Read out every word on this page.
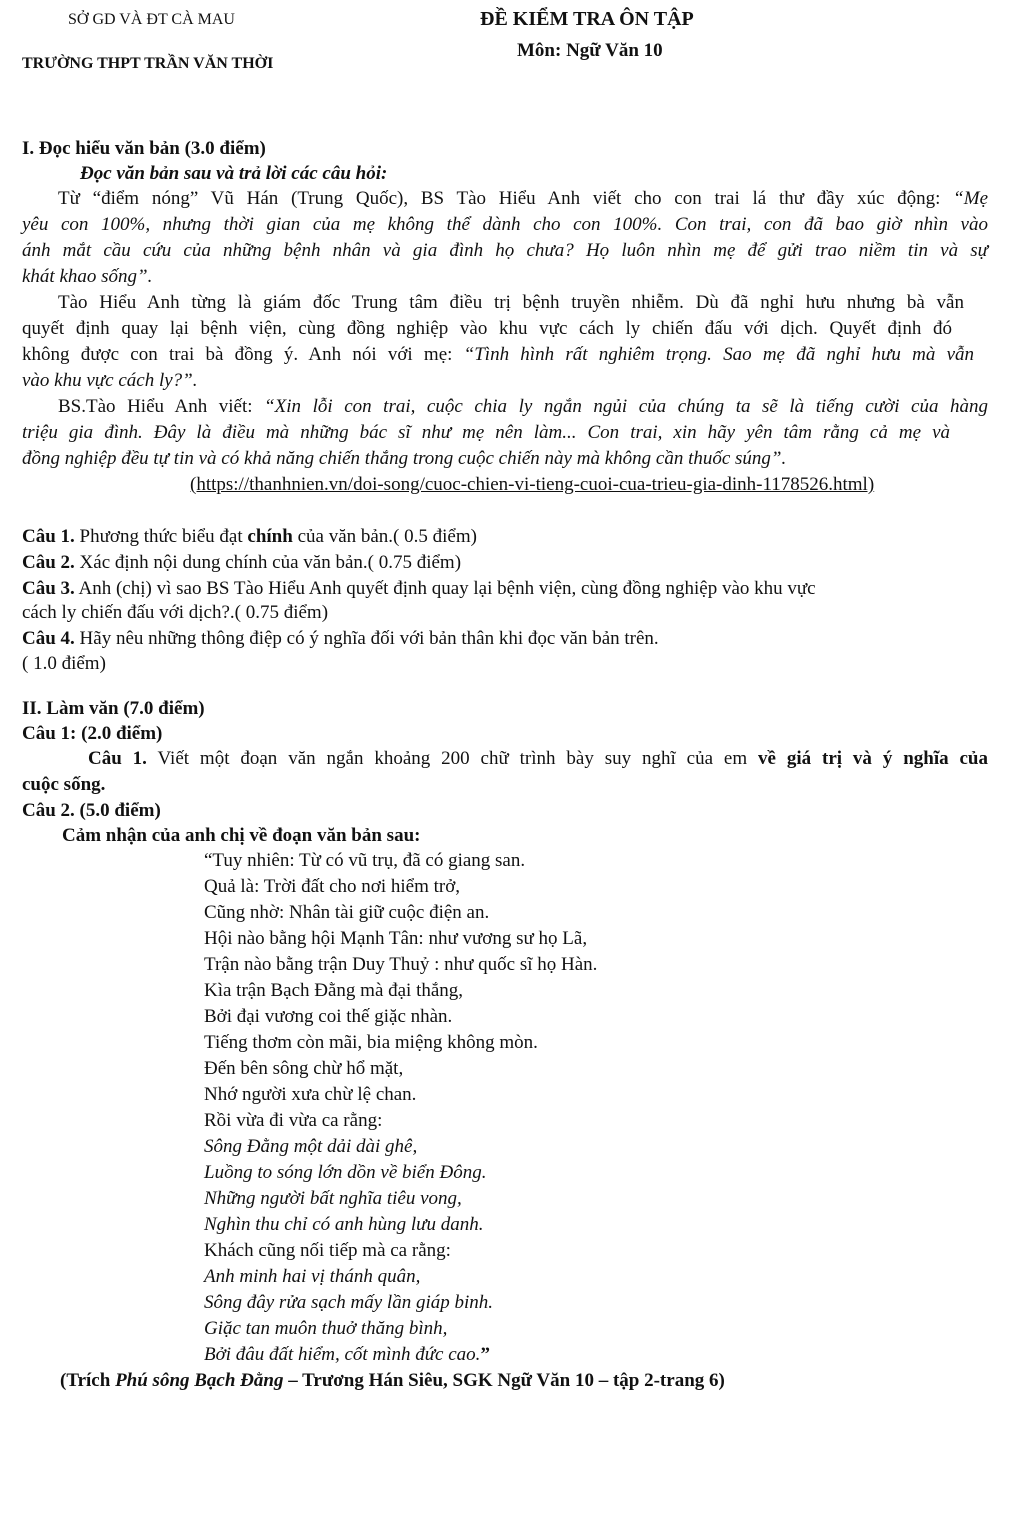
SỞ GD VÀ ĐT CÀ MAU
TRƯỜNG THPT TRẦN VĂN THỜI
ĐỀ KIỂM TRA ÔN TẬP
Môn: Ngữ Văn 10
I. Đọc hiểu văn bản (3.0 điểm)
Đọc văn bản sau và trả lời các câu hỏi:
Từ “điểm nóng” Vũ Hán (Trung Quốc), BS Tào Hiểu Anh viết cho con trai lá thư đầy xúc động: “Mẹ
yêu con 100%, nhưng thời gian của mẹ không thể dành cho con 100%. Con trai, con đã bao giờ nhìn vào
ánh mắt cầu cứu của những bệnh nhân và gia đình họ chưa? Họ luôn nhìn mẹ để gửi trao niềm tin và sự
khát khao sống”.
Tào Hiểu Anh từng là giám đốc Trung tâm điều trị bệnh truyền nhiễm. Dù đã nghỉ hưu nhưng bà vẫn
quyết định quay lại bệnh viện, cùng đồng nghiệp vào khu vực cách ly chiến đấu với dịch. Quyết định đó
không được con trai bà đồng ý. Anh nói với mẹ: “Tình hình rất nghiêm trọng. Sao mẹ đã nghỉ hưu mà vẫn
vào khu vực cách ly?”.
BS.Tào Hiểu Anh viết: “Xin lỗi con trai, cuộc chia ly ngắn ngủi của chúng ta sẽ là tiếng cười của hàng
triệu gia đình. Đây là điều mà những bác sĩ như mẹ nên làm... Con trai, xin hãy yên tâm rằng cả mẹ và
đồng nghiệp đều tự tin và có khả năng chiến thắng trong cuộc chiến này mà không cần thuốc súng”.
(https://thanhnien.vn/doi-song/cuoc-chien-vi-tieng-cuoi-cua-trieu-gia-dinh-1178526.html)
Câu 1. Phương thức biểu đạt chính của văn bản.( 0.5 điểm)
Câu 2. Xác định nội dung chính của văn bản.( 0.75 điểm)
Câu 3. Anh (chị) vì sao BS Tào Hiểu Anh quyết định quay lại bệnh viện, cùng đồng nghiệp vào khu vực
cách ly chiến đấu với dịch?.( 0.75 điểm)
Câu 4. Hãy nêu những thông điệp có ý nghĩa đối với bản thân khi đọc văn bản trên.
( 1.0 điểm)
II. Làm văn (7.0 điểm)
Câu 1: (2.0 điểm)
Câu 1. Viết một đoạn văn ngắn khoảng 200 chữ trình bày suy nghĩ của em về giá trị và ý nghĩa của
cuộc sống.
Câu 2. (5.0 điểm)
Cảm nhận của anh chị về đoạn văn bản sau:
“Tuy nhiên: Từ có vũ trụ, đã có giang san.
Quả là: Trời đất cho nơi hiểm trở,
Cũng nhờ: Nhân tài giữ cuộc điện an.
Hội nào bằng hội Mạnh Tân: như vương sư họ Lã,
Trận nào bằng trận Duy Thuỷ : như quốc sĩ họ Hàn.
Kìa trận Bạch Đằng mà đại thắng,
Bởi đại vương coi thế giặc nhàn.
Tiếng thơm còn mãi, bia miệng không mòn.
Đến bên sông chừ hổ mặt,
Nhớ người xưa chừ lệ chan.
Rồi vừa đi vừa ca rằng:
Sông Đằng một dải dài ghê,
Luồng to sóng lớn dồn về biển Đông.
Những người bất nghĩa tiêu vong,
Nghìn thu chỉ có anh hùng lưu danh.
Khách cũng nối tiếp mà ca rằng:
Anh minh hai vị thánh quân,
Sông đây rửa sạch mấy lần giáp binh.
Giặc tan muôn thuở thăng bình,
Bởi đâu đất hiểm, cốt mình đức cao.”
(Trích Phú sông Bạch Đằng – Trương Hán Siêu, SGK Ngữ Văn 10 – tập 2-trang 6)
